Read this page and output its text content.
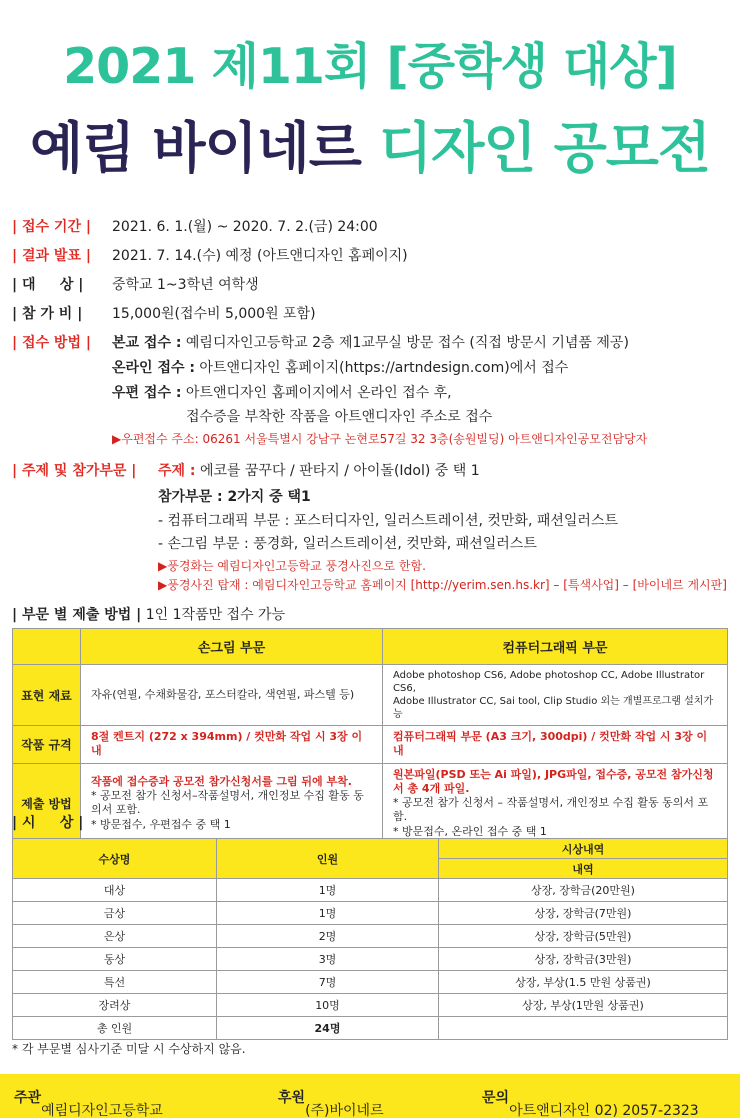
2021 제11회 [중학생 대상]
예림 바이네르 디자인 공모전
| 접수 기간 |	2021. 6. 1.(월) ~ 2020. 7. 2.(금) 24:00
| 결과 발표 |	2021. 7. 14.(수) 예정 (아트앤디자인 홈페이지)
| 대     상 |	중학교 1~3학년 여학생
| 참 가 비 |	15,000원(접수비 5,000원 포함)
| 접수 방법 |	본교 접수 : 예림디자인고등학교 2층 제1교무실 방문 접수 (직접 방문시 기념품 제공)
온라인 접수 : 아트앤디자인 홈페이지(https://artndesign.com)에서 접수
우편 접수 : 아트앤디자인 홈페이지에서 온라인 접수 후,
접수증을 부착한 작품을 아트앤디자인 주소로 접수
▶우편접수 주소: 06261 서울특별시 강남구 논현로57길 32 3층(송원빌딩) 아트앤디자인공모전담당자
| 주제 및 참가부문 |	주제 : 에코를 꿈꾸다 / 판타지 / 아이돌(Idol) 중 택 1
참가부문 : 2가지 중 택1
- 컴퓨터그래픽 부문 : 포스터디자인, 일러스트레이션, 컷만화, 패션일러스트
- 손그림 부문 : 풍경화, 일러스트레이션, 컷만화, 패션일러스트
▶풍경화는 예림디자인고등학교 풍경사진으로 한함.
▶풍경사진 탑재 : 예림디자인고등학교 홈페이지 [http://yerim.sen.hs.kr] – [특색사업] – [바이네르 게시판]
| 부문 별 제출 방법 | 1인 1작품만 접수 가능
	손그림 부문	컴퓨터그래픽 부문
표현 재료	자유(연필, 수채화물감, 포스터칼라, 색연필, 파스텔 등)	Adobe photoshop CS6, Adobe photoshop CC, Adobe Illustrator CS6,
Adobe Illustrator CC, Sai tool, Clip Studio 외는 개별프로그램 설치가능
작품 규격	8절 켄트지 (272 x 394mm) / 컷만화 작업 시 3장 이내	컴퓨터그래픽 부문 (A3 크기, 300dpi) / 컷만화 작업 시 3장 이내
제출 방법	작품에 접수증과 공모전 참가신청서를 그림 뒤에 부착.
* 공모전 참가 신청서–작품설명서, 개인정보 수집 활동 동의서 포함.
* 방문접수, 우편접수 중 택 1	원본파일(PSD 또는 Ai 파일), JPG파일, 접수증, 공모전 참가신청서 총 4개 파일.
* 공모전 참가 신청서 – 작품설명서, 개인정보 수집 활동 동의서 포함.
* 방문접수, 온라인 접수 중 택 1
| 시     상 |
수상명	인원	시상내역
		내역
대상	1명	상장, 장학금(20만원)
금상	1명	상장, 장학금(7만원)
은상	2명	상장, 장학금(5만원)
동상	3명	상장, 장학금(3만원)
특선	7명	상장, 부상(1.5 만원 상품권)
장려상	10명	상장, 부상(1만원 상품권)
총 인원	24명	
* 각 부문별 심사기준 미달 시 수상하지 않음.
주관
예림디자인고등학교
후원
(주)바이네르
문의
아트앤디자인 02) 2057-2323
